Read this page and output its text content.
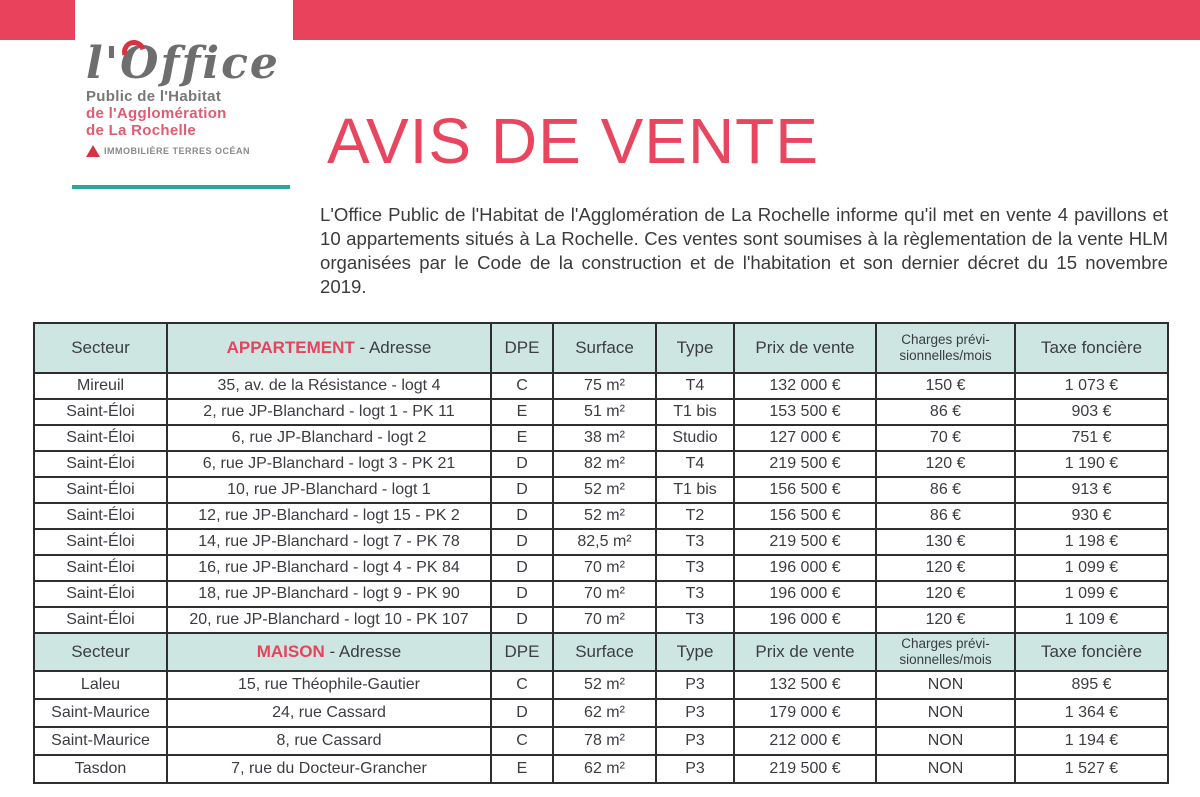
l'Office
Public de l'Habitat
de l'Agglomération
de La Rochelle
IMMOBILIÈRE TERRES OCÉAN AVIS DE VENTE

L'Office Public de l'Habitat de l'Agglomération de La Rochelle informe qu'il met en vente 4 pavillons et 10 appartements situés à La Rochelle. Ces ventes sont soumises à la règlementation de la vente HLM organisées par le Code de la construction et de l'habitation et son dernier décret du 15 novembre 2019.

Secteur	APPARTEMENT - Adresse	DPE	Surface	Type	Prix de vente	Charges prévi-
sionnelles/mois	Taxe foncière
Mireuil	35, av. de la Résistance - logt 4	C	75 m²	T4	132 000 €	150 €	1 073 €
Saint-Éloi	2, rue JP-Blanchard - logt 1 - PK 11	E	51 m²	T1 bis	153 500 €	86 €	903 €
Saint-Éloi	6, rue JP-Blanchard - logt 2	E	38 m²	Studio	127 000 €	70 €	751 €
Saint-Éloi	6, rue JP-Blanchard - logt 3 - PK 21	D	82 m²	T4	219 500 €	120 €	1 190 €
Saint-Éloi	10, rue JP-Blanchard - logt 1	D	52 m²	T1 bis	156 500 €	86 €	913 €
Saint-Éloi	12, rue JP-Blanchard - logt 15 - PK 2	D	52 m²	T2	156 500 €	86 €	930 €
Saint-Éloi	14, rue JP-Blanchard - logt 7 - PK 78	D	82,5 m²	T3	219 500 €	130 €	1 198 €
Saint-Éloi	16, rue JP-Blanchard - logt 4 - PK 84	D	70 m²	T3	196 000 €	120 €	1 099 €
Saint-Éloi	18, rue JP-Blanchard - logt 9 - PK 90	D	70 m²	T3	196 000 €	120 €	1 099 €
Saint-Éloi	20, rue JP-Blanchard - logt 10 - PK 107	D	70 m²	T3	196 000 €	120 €	1 109 €
Secteur	MAISON - Adresse	DPE	Surface	Type	Prix de vente	Charges prévi-
sionnelles/mois	Taxe foncière
Laleu	15, rue Théophile-Gautier	C	52 m²	P3	132 500 €	NON	895 €
Saint-Maurice	24, rue Cassard	D	62 m²	P3	179 000 €	NON	1 364 €
Saint-Maurice	8, rue Cassard	C	78 m²	P3	212 000 €	NON	1 194 €
Tasdon	7, rue du Docteur-Grancher	E	62 m²	P3	219 500 €	NON	1 527 €
